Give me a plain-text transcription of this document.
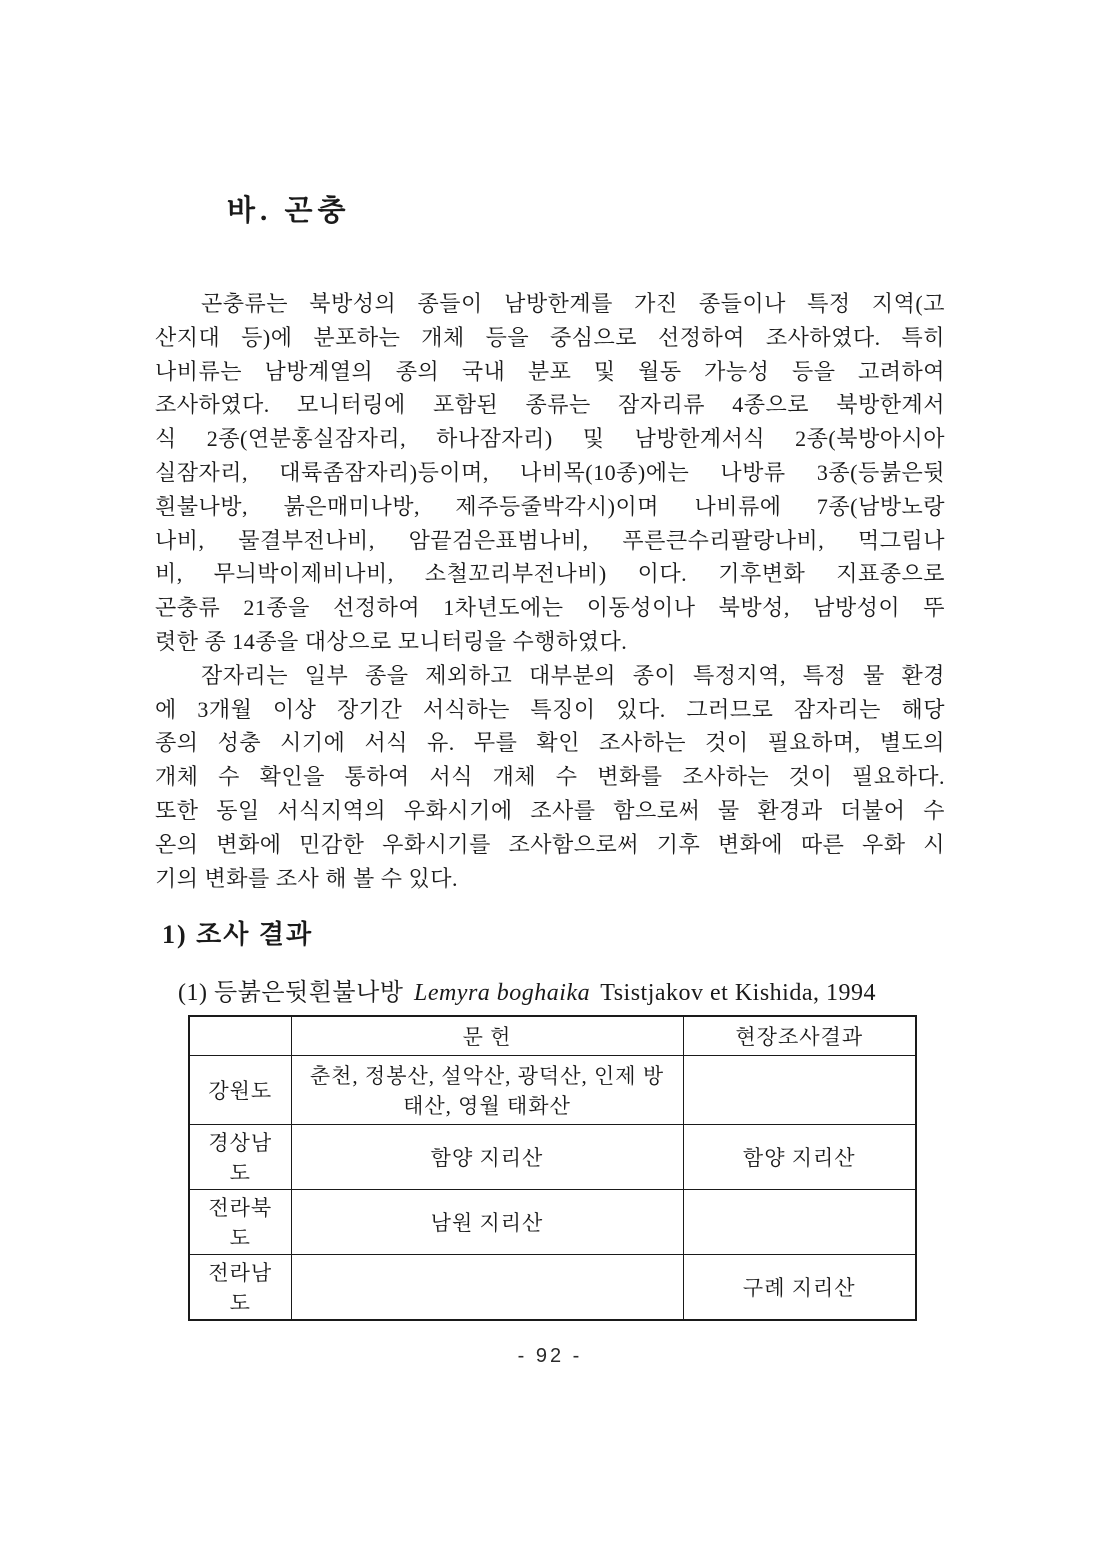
바. 곤충
곤충류는 북방성의 종들이 남방한계를 가진 종들이나 특정 지역(고
산지대 등)에 분포하는 개체 등을 중심으로 선정하여 조사하였다. 특히
나비류는 남방계열의 종의 국내 분포 및 월동 가능성 등을 고려하여
조사하였다. 모니터링에 포함된 종류는 잠자리류 4종으로 북방한계서
식 2종(연분홍실잠자리, 하나잠자리) 및 남방한계서식 2종(북방아시아
실잠자리, 대륙좀잠자리)등이며, 나비목(10종)에는 나방류 3종(등붉은뒷
흰불나방, 붉은매미나방, 제주등줄박각시)이며 나비류에 7종(남방노랑
나비, 물결부전나비, 암끝검은표범나비, 푸른큰수리팔랑나비, 먹그림나
비, 무늬박이제비나비, 소철꼬리부전나비) 이다. 기후변화 지표종으로
곤충류 21종을 선정하여 1차년도에는 이동성이나 북방성, 남방성이 뚜
렷한 종 14종을 대상으로 모니터링을 수행하였다.
잠자리는 일부 종을 제외하고 대부분의 종이 특정지역, 특정 물 환경
에 3개월 이상 장기간 서식하는 특징이 있다. 그러므로 잠자리는 해당
종의 성충 시기에 서식 유. 무를 확인 조사하는 것이 필요하며, 별도의
개체 수 확인을 통하여 서식 개체 수 변화를 조사하는 것이 필요하다.
또한 동일 서식지역의 우화시기에 조사를 함으로써 물 환경과 더불어 수
온의 변화에 민감한 우화시기를 조사함으로써 기후 변화에 따른 우화 시
기의 변화를 조사 해 볼 수 있다.
1) 조사 결과
(1) 등붉은뒷흰불나방 Lemyra boghaika Tsistjakov et Kishida, 1994
	문 헌	현장조사결과
강원도	춘천, 정봉산, 설악산, 광덕산, 인제 방태산, 영월 태화산	
경상남도	함양 지리산	함양 지리산
전라북도	남원 지리산	
전라남도		구례 지리산
- 92 -
